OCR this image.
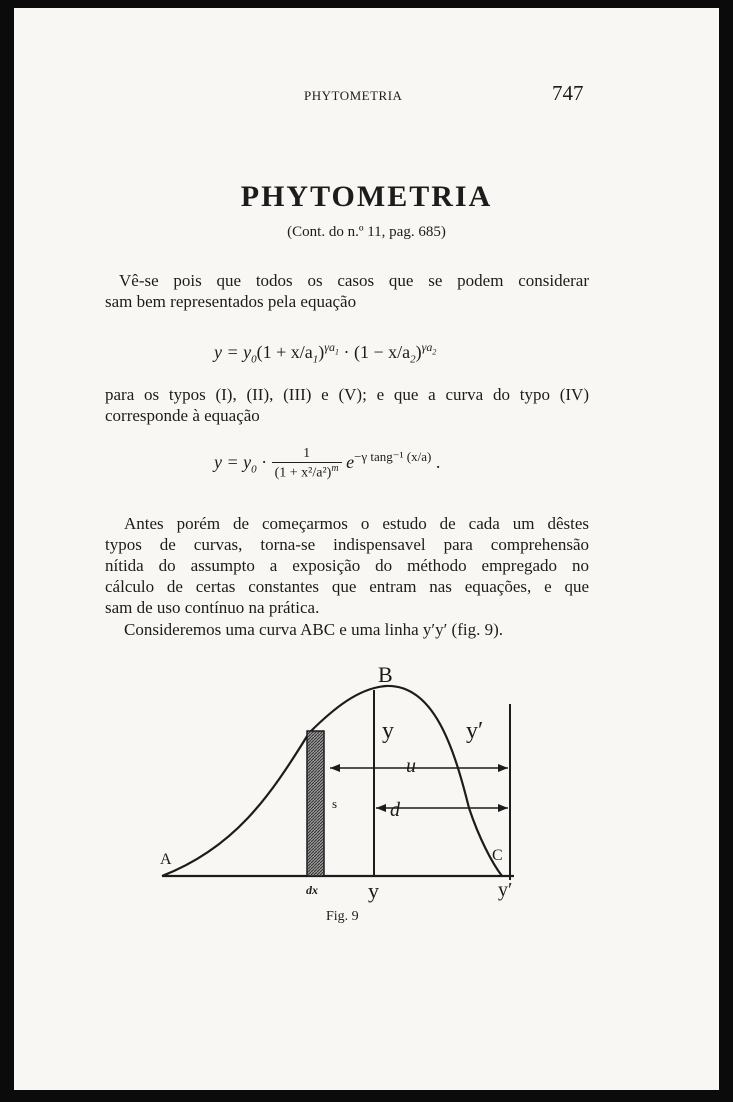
PHYTOMETRIA	747
PHYTOMETRIA
(Cont. do n.º 11, pag. 685)
Vê-se pois que todos os casos que se podem considerar
sam bem representados pela equação
$y = y_0(1 + x/a_1)^{\gamma a_1} \cdot (1 - x/a_2)^{\gamma a_2}$
para os typos (I), (II), (III) e (V); e que a curva do typo (IV)
corresponde à equação
$y = y_0 \cdot \frac{1}{(1 + x^2/a^2)^m} e^{-\gamma tang^{-1} (x/a)}$ .
Antes porém de começarmos o estudo de cada um dêstes
typos de curvas, torna-se indispensavel para comprehensão
nítida do assumpto a exposição do méthodo empregado no
cálculo de certas constantes que entram nas equações, e que
sam de uso contínuo na prática.
Consideremos uma curva ABC e uma linha y′y′ (fig. 9).
A
B
C
y	y′
u
d
s
dx y	y′
Fig. 9
